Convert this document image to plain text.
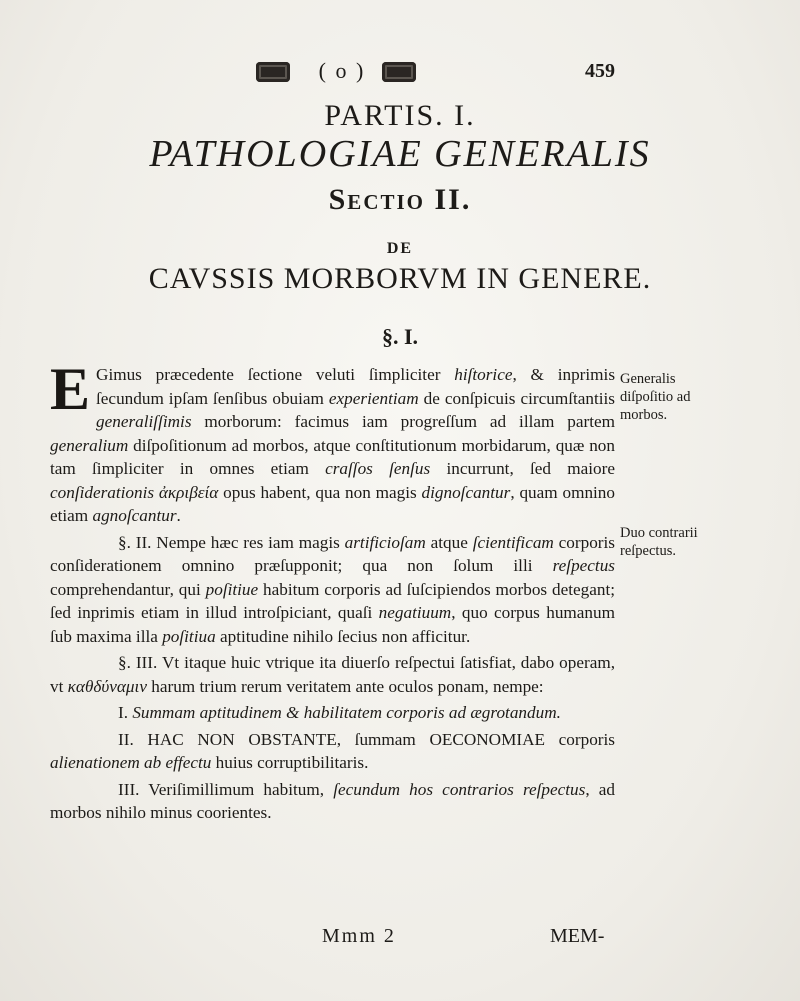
( o )	459
PARTIS. I.
PATHOLOGIAE GENERALIS
Sectio II.
DE
CAVSSIS MORBORVM IN GENERE.
§. I.

E Gimus præcedente ſectione veluti ſimpliciter hiſtorice, & inprimis ſecundum ipſam ſenſibus obuiam experientiam de conſpicuis circumſtantiis generaliſſimis morborum: facimus iam progreſſum ad illam partem generalium diſpoſitionum ad morbos, atque conſtitutionum morbidarum, quæ non tam ſimpliciter in omnes etiam craſſos ſenſus incurrunt, ſed maiore conſiderationis ἀκριβεία opus habent, qua non magis dignoſcantur, quam omnino etiam agnoſcantur.

§. II. Nempe hæc res iam magis artificioſam atque ſcientificam corporis conſiderationem omnino præſupponit; qua non ſolum illi reſpectus comprehendantur, qui poſitiue habitum corporis ad ſuſcipiendos morbos detegant; ſed inprimis etiam in illud introſpiciant, quaſi negatiuum, quo corpus humanum ſub maxima illa poſitiua aptitudine nihilo ſecius non afficitur.

§. III. Vt itaque huic vtrique ita diuerſo reſpectui ſatisfiat, dabo operam, vt καθδύναμιν harum trium rerum veritatem ante oculos ponam, nempe:

I. Summam aptitudinem & habilitatem corporis ad ægrotandum.

II. HAC NON OBSTANTE, ſummam OECONOMIAE corporis alienationem ab effectu huius corruptibilitaris.

III. Veriſimillimum habitum, ſecundum hos contrarios reſpectus, ad morbos nihilo minus coorientes.

Generalis diſpoſitio ad morbos.
Duo contrarii reſpectus.
Mmm 2	MEM-
